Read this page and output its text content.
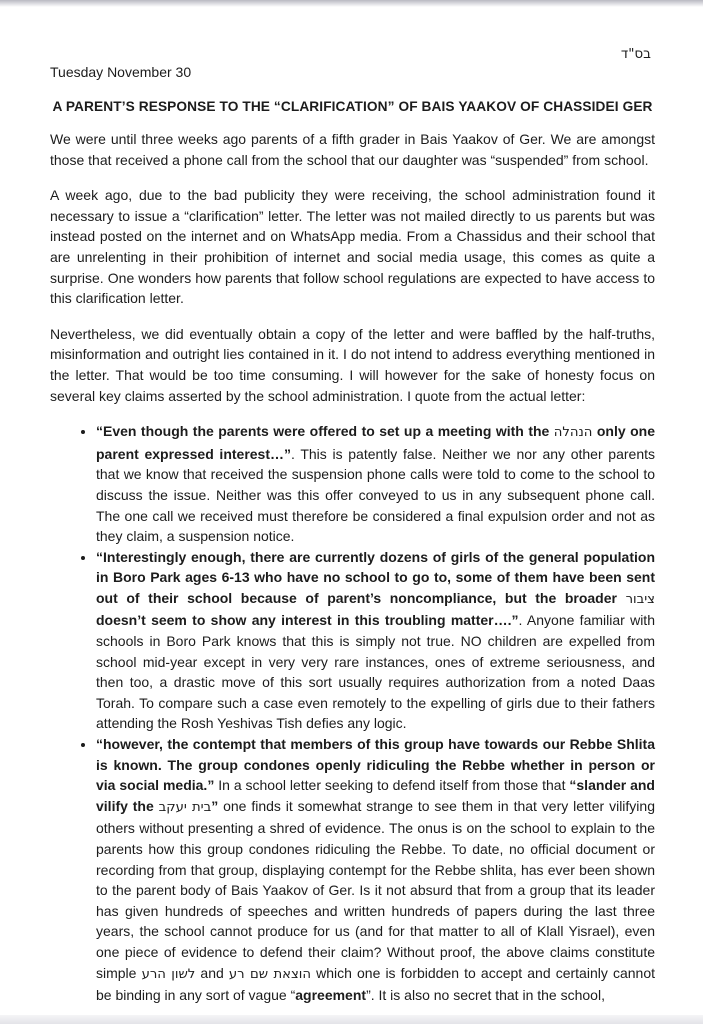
בס"ד
Tuesday November 30
A PARENT’S RESPONSE TO THE “CLARIFICATION” OF BAIS YAAKOV OF CHASSIDEI GER

We were until three weeks ago parents of a fifth grader in Bais Yaakov of Ger. We are amongst those that received a phone call from the school that our daughter was “suspended” from school.

A week ago, due to the bad publicity they were receiving, the school administration found it necessary to issue a “clarification” letter. The letter was not mailed directly to us parents but was instead posted on the internet and on WhatsApp media. From a Chassidus and their school that are unrelenting in their prohibition of internet and social media usage, this comes as quite a surprise. One wonders how parents that follow school regulations are expected to have access to this clarification letter.

Nevertheless, we did eventually obtain a copy of the letter and were baffled by the half-truths, misinformation and outright lies contained in it. I do not intend to address everything mentioned in the letter. That would be too time consuming. I will however for the sake of honesty focus on several key claims asserted by the school administration. I quote from the actual letter:

• “Even though the parents were offered to set up a meeting with the הנהלה only one parent expressed interest…”. This is patently false. Neither we nor any other parents that we know that received the suspension phone calls were told to come to the school to discuss the issue. Neither was this offer conveyed to us in any subsequent phone call. The one call we received must therefore be considered a final expulsion order and not as they claim, a suspension notice.
• “Interestingly enough, there are currently dozens of girls of the general population in Boro Park ages 6-13 who have no school to go to, some of them have been sent out of their school because of parent’s noncompliance, but the broader ציבור doesn’t seem to show any interest in this troubling matter….”. Anyone familiar with schools in Boro Park knows that this is simply not true. NO children are expelled from school mid-year except in very very rare instances, ones of extreme seriousness, and then too, a drastic move of this sort usually requires authorization from a noted Daas Torah. To compare such a case even remotely to the expelling of girls due to their fathers attending the Rosh Yeshivas Tish defies any logic.
• “however, the contempt that members of this group have towards our Rebbe Shlita is known. The group condones openly ridiculing the Rebbe whether in person or via social media.” In a school letter seeking to defend itself from those that “slander and vilify the בית יעקב” one finds it somewhat strange to see them in that very letter vilifying others without presenting a shred of evidence. The onus is on the school to explain to the parents how this group condones ridiculing the Rebbe. To date, no official document or recording from that group, displaying contempt for the Rebbe shlita, has ever been shown to the parent body of Bais Yaakov of Ger. Is it not absurd that from a group that its leader has given hundreds of speeches and written hundreds of papers during the last three years, the school cannot produce for us (and for that matter to all of Klall Yisrael), even one piece of evidence to defend their claim? Without proof, the above claims constitute simple לשון הרע and הוצאת שם רע which one is forbidden to accept and certainly cannot be binding in any sort of vague “agreement”. It is also no secret that in the school,
